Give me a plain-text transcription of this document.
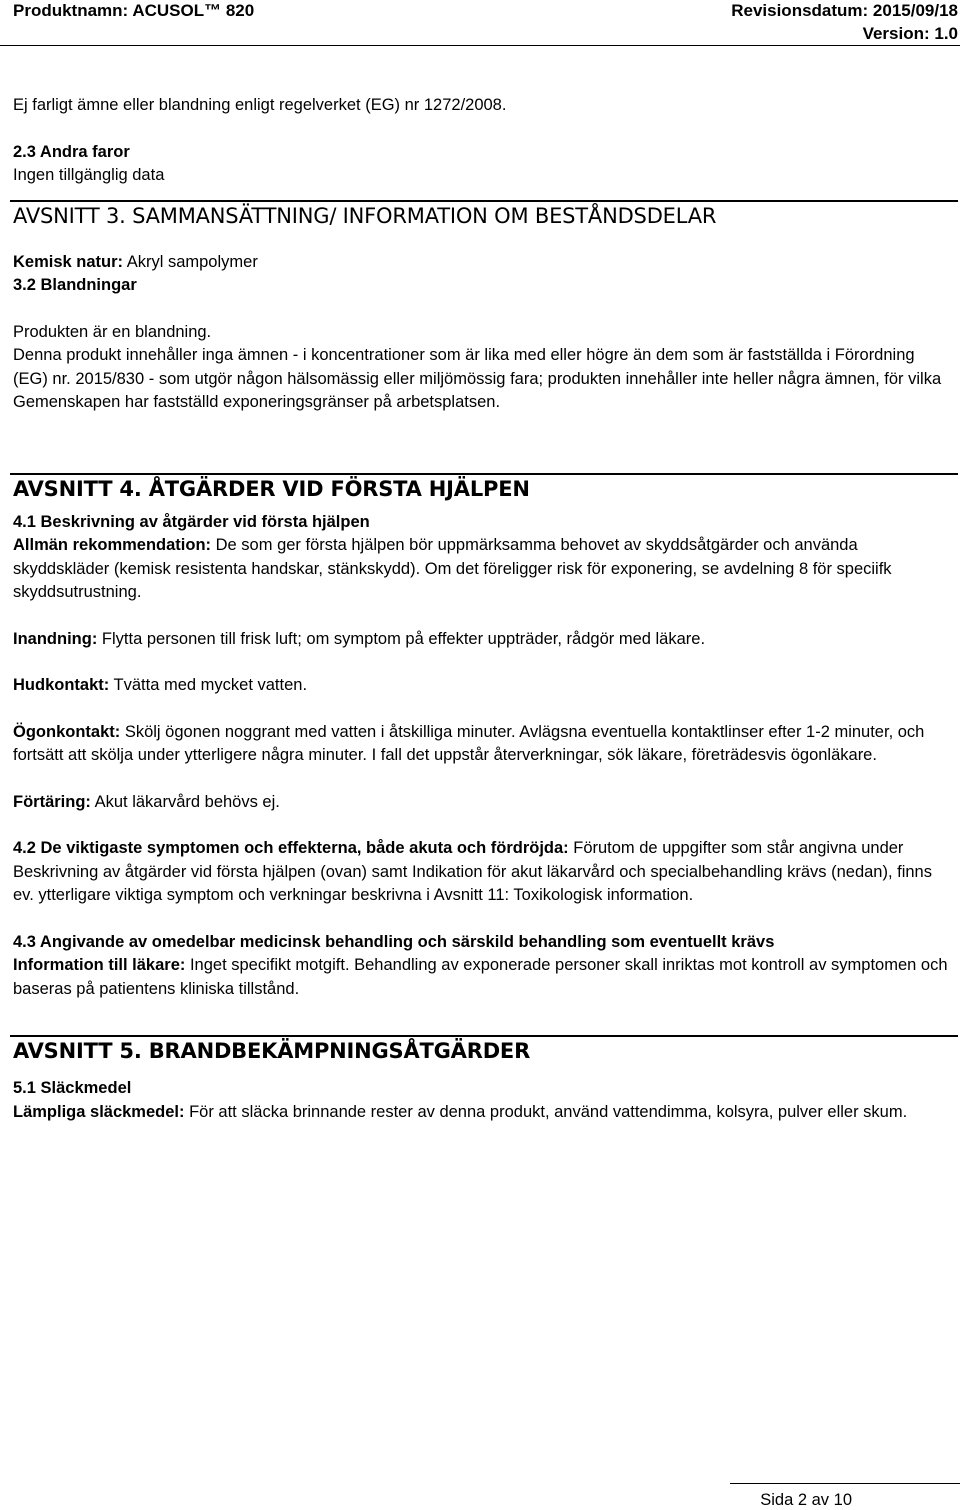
Produktnamn: ACUSOL™ 820	Revisionsdatum: 2015/09/18
Version: 1.0

Ej farligt ämne eller blandning enligt regelverket (EG) nr 1272/2008.

2.3 Andra faror

Ingen tillgänglig data

AVSNITT 3. SAMMANSÄTTNING/ INFORMATION OM BESTÅNDSDELAR

Kemisk natur: Akryl sampolymer

3.2 Blandningar

Produkten är en blandning.

Denna produkt innehåller inga ämnen - i koncentrationer som är lika med eller högre än dem som är fastställda i Förordning (EG) nr. 2015/830 - som utgör någon hälsomässig eller miljömössig fara; produkten innehåller inte heller några ämnen, för vilka Gemenskapen har fastställd exponeringsgränser på arbetsplatsen.

AVSNITT 4. ÅTGÄRDER VID FÖRSTA HJÄLPEN

4.1 Beskrivning av åtgärder vid första hjälpen

Allmän rekommendation: De som ger första hjälpen bör uppmärksamma behovet av skyddsåtgärder och använda skyddskläder (kemisk resistenta handskar, stänkskydd). Om det föreligger risk för exponering, se avdelning 8 för speciifk skyddsutrustning.

Inandning: Flytta personen till frisk luft; om symptom på effekter uppträder, rådgör med läkare.

Hudkontakt: Tvätta med mycket vatten.

Ögonkontakt: Skölj ögonen noggrant med vatten i åtskilliga minuter. Avlägsna eventuella kontaktlinser efter 1-2 minuter, och fortsätt att skölja under ytterligere några minuter. I fall det uppstår återverkningar, sök läkare, företrädesvis ögonläkare.

Förtäring: Akut läkarvård behövs ej.

4.2 De viktigaste symptomen och effekterna, både akuta och fördröjda: Förutom de uppgifter som står angivna under Beskrivning av åtgärder vid första hjälpen (ovan) samt Indikation för akut läkarvård och specialbehandling krävs (nedan), finns ev. ytterligare viktiga symptom och verkningar beskrivna i Avsnitt 11: Toxikologisk information.

4.3 Angivande av omedelbar medicinsk behandling och särskild behandling som eventuellt krävs

Information till läkare: Inget specifikt motgift. Behandling av exponerade personer skall inriktas mot kontroll av symptomen och baseras på patientens kliniska tillstånd.

AVSNITT 5. BRANDBEKÄMPNINGSÅTGÄRDER

5.1 Släckmedel

Lämpliga släckmedel: För att släcka brinnande rester av denna produkt, använd vattendimma, kolsyra, pulver eller skum.

Sida 2 av 10
